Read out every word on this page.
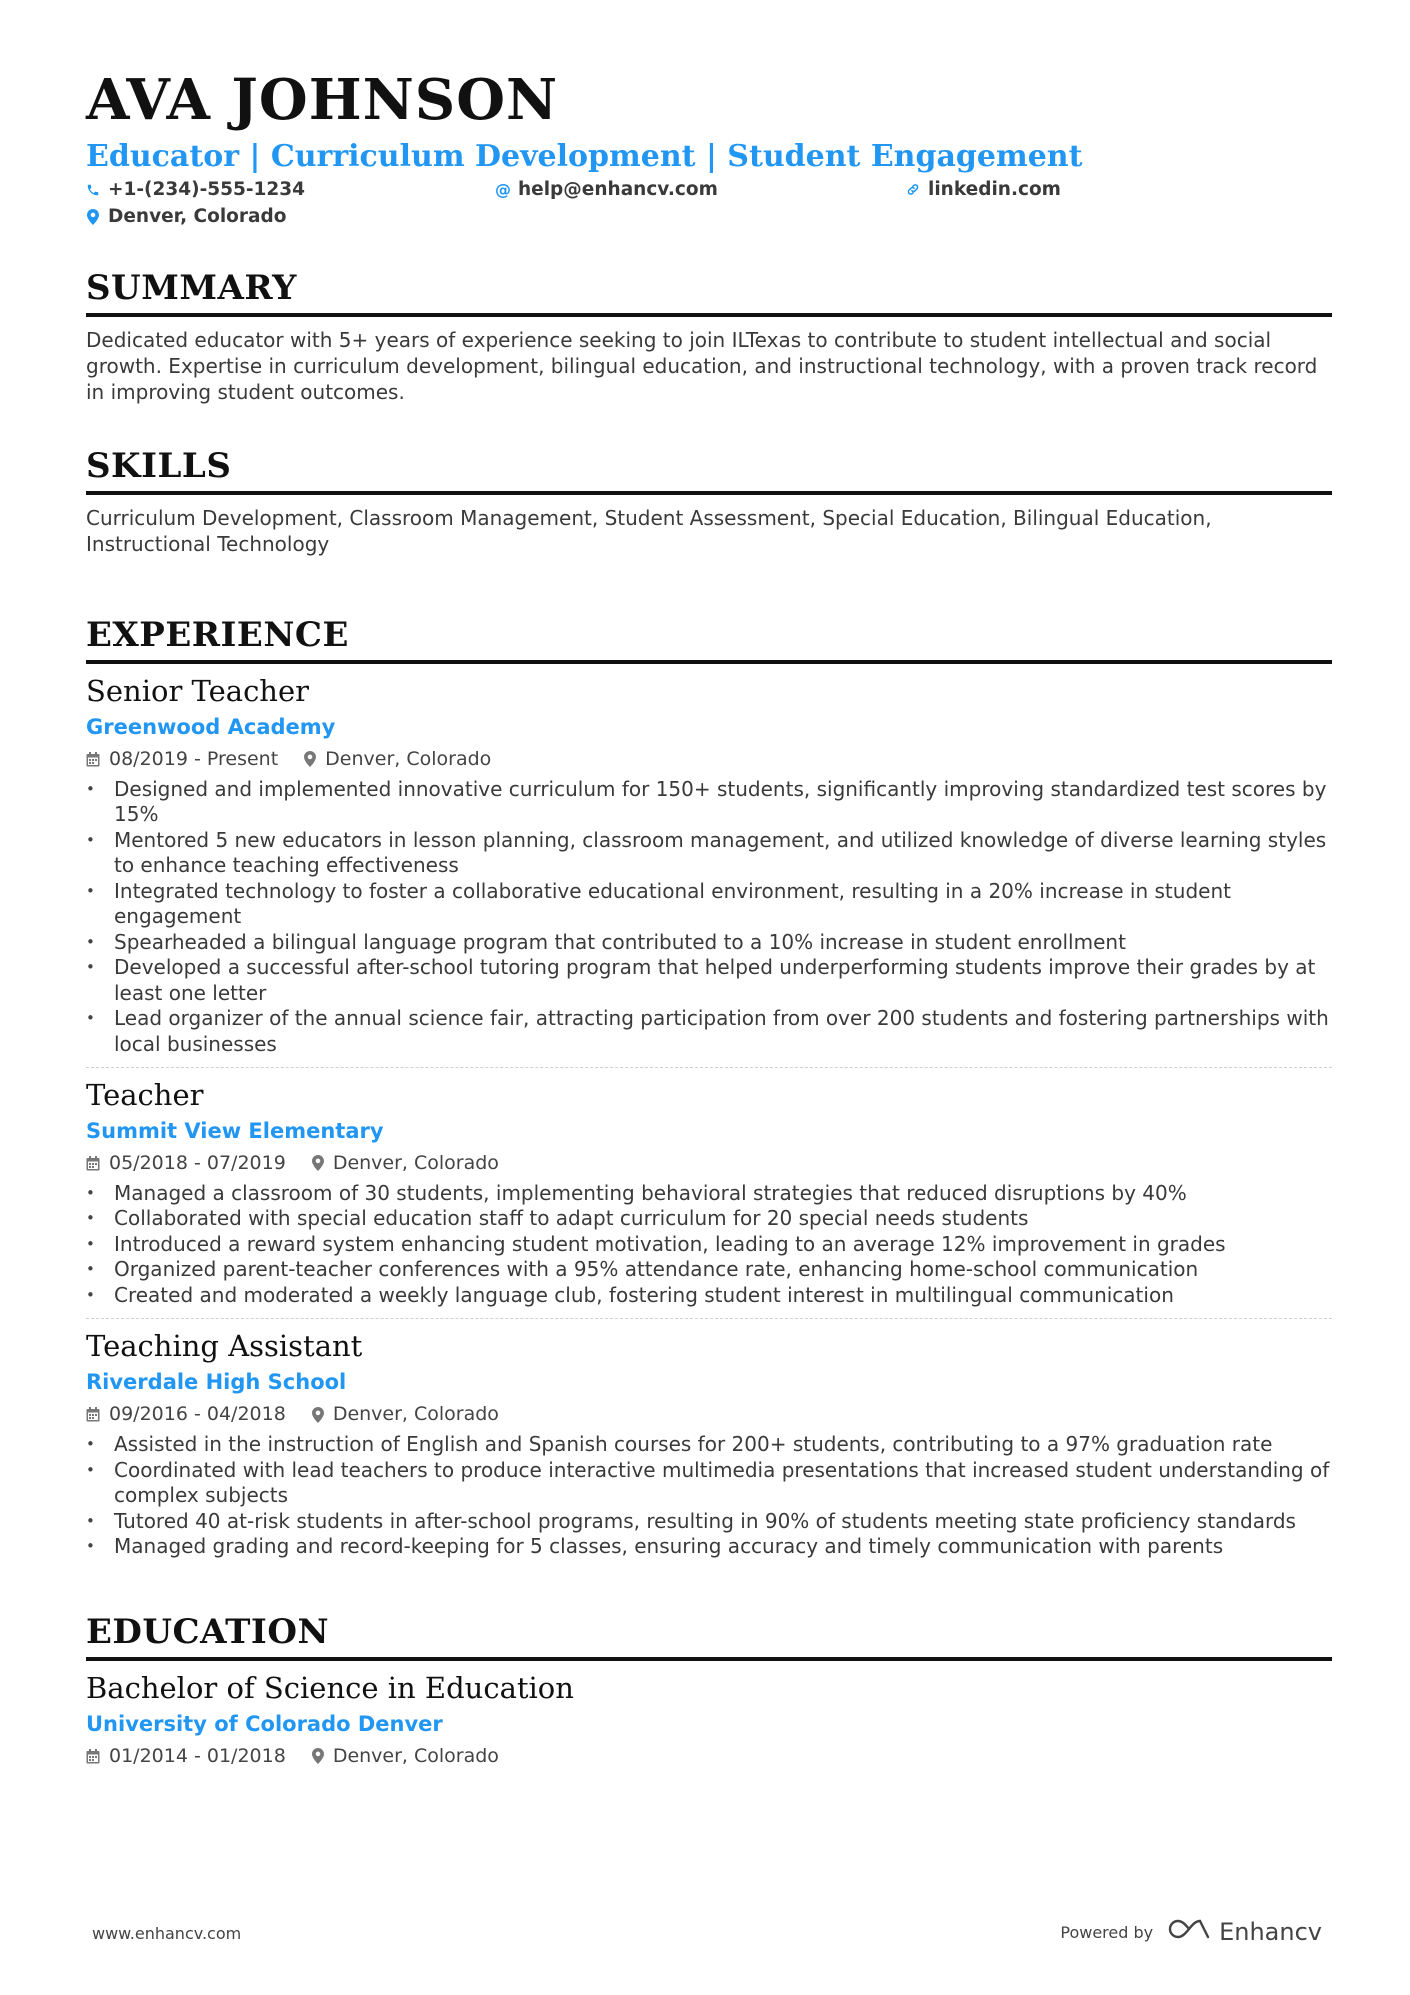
AVA JOHNSON
Educator | Curriculum Development | Student Engagement
+1-(234)-555-1234	@ help@enhancv.com	linkedin.com
Denver, Colorado
SUMMARY
Dedicated educator with 5+ years of experience seeking to join ILTexas to contribute to student intellectual and social growth. Expertise in curriculum development, bilingual education, and instructional technology, with a proven track record in improving student outcomes.
SKILLS
Curriculum Development, Classroom Management, Student Assessment, Special Education, Bilingual Education, Instructional Technology
EXPERIENCE
Senior Teacher
Greenwood Academy
08/2019 - Present Denver, Colorado
• Designed and implemented innovative curriculum for 150+ students, significantly improving standardized test scores by 15%
• Mentored 5 new educators in lesson planning, classroom management, and utilized knowledge of diverse learning styles to enhance teaching effectiveness
• Integrated technology to foster a collaborative educational environment, resulting in a 20% increase in student engagement
• Spearheaded a bilingual language program that contributed to a 10% increase in student enrollment
• Developed a successful after-school tutoring program that helped underperforming students improve their grades by at least one letter
• Lead organizer of the annual science fair, attracting participation from over 200 students and fostering partnerships with local businesses
Teacher
Summit View Elementary
05/2018 - 07/2019 Denver, Colorado
• Managed a classroom of 30 students, implementing behavioral strategies that reduced disruptions by 40%
• Collaborated with special education staff to adapt curriculum for 20 special needs students
• Introduced a reward system enhancing student motivation, leading to an average 12% improvement in grades
• Organized parent-teacher conferences with a 95% attendance rate, enhancing home-school communication
• Created and moderated a weekly language club, fostering student interest in multilingual communication
Teaching Assistant
Riverdale High School
09/2016 - 04/2018 Denver, Colorado
• Assisted in the instruction of English and Spanish courses for 200+ students, contributing to a 97% graduation rate
• Coordinated with lead teachers to produce interactive multimedia presentations that increased student understanding of complex subjects
• Tutored 40 at-risk students in after-school programs, resulting in 90% of students meeting state proficiency standards
• Managed grading and record-keeping for 5 classes, ensuring accuracy and timely communication with parents
EDUCATION
Bachelor of Science in Education
University of Colorado Denver
01/2014 - 01/2018 Denver, Colorado
www.enhancv.com	Powered by	Enhancv
